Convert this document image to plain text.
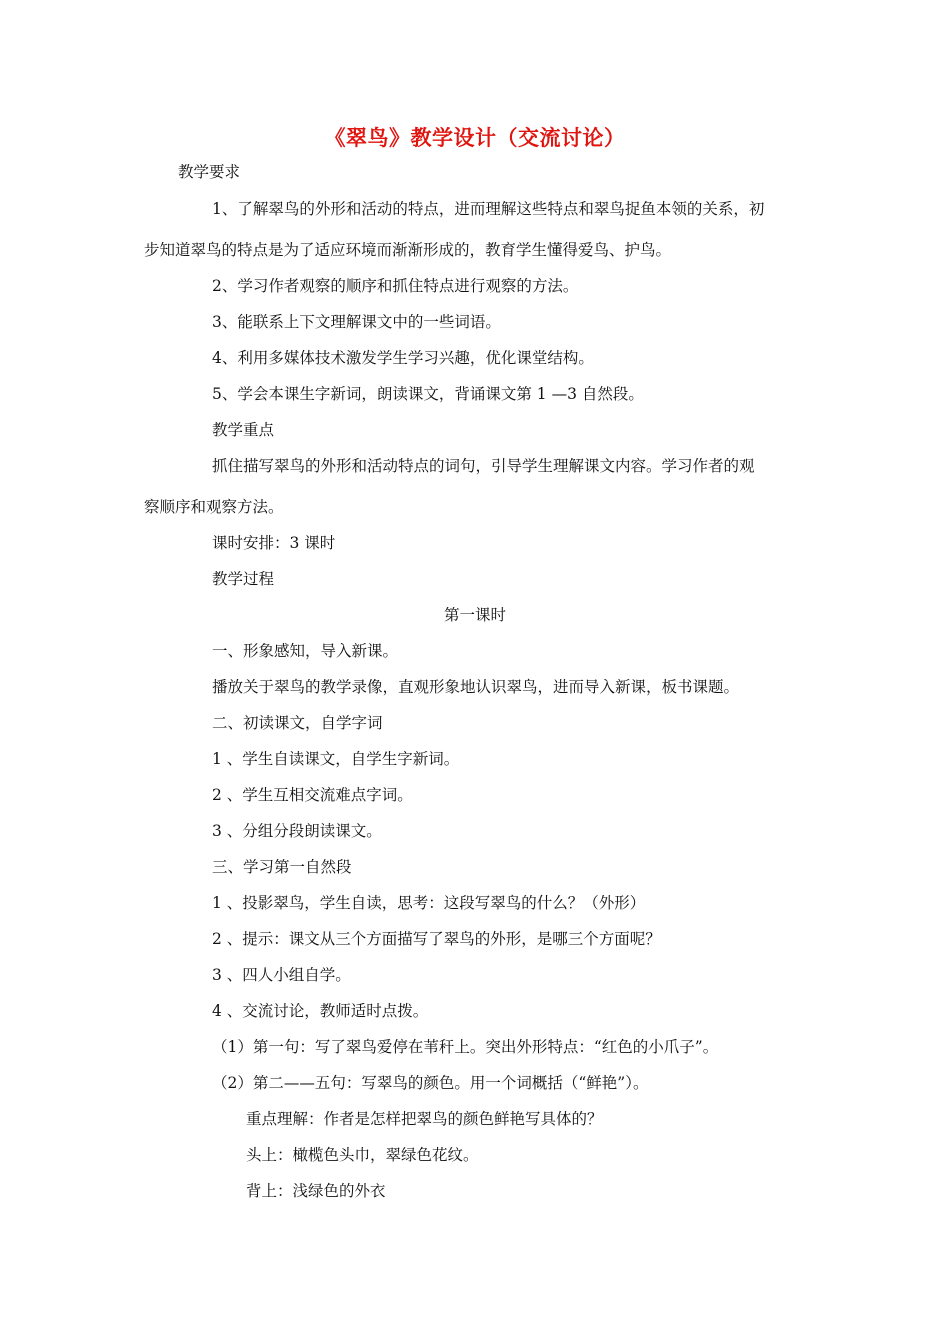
《翠鸟》教学设计（交流讨论）
教学要求
1、了解翠鸟的外形和活动的特点，进而理解这些特点和翠鸟捉鱼本领的关系，初
步知道翠鸟的特点是为了适应环境而渐渐形成的，教育学生懂得爱鸟、护鸟。
2、学习作者观察的顺序和抓住特点进行观察的方法。
3、能联系上下文理解课文中的一些词语。
4、利用多媒体技术激发学生学习兴趣，优化课堂结构。
5、学会本课生字新词，朗读课文，背诵课文第 1 —3 自然段。
教学重点
抓住描写翠鸟的外形和活动特点的词句，引导学生理解课文内容。学习作者的观
察顺序和观察方法。
课时安排：3 课时
教学过程
第一课时
一、形象感知，导入新课。
播放关于翠鸟的教学录像，直观形象地认识翠鸟，进而导入新课，板书课题。
二、初读课文，自学字词
1 、学生自读课文，自学生字新词。
2 、学生互相交流难点字词。
3 、分组分段朗读课文。
三、学习第一自然段
1 、投影翠鸟，学生自读，思考：这段写翠鸟的什么？（外形）
2 、提示：课文从三个方面描写了翠鸟的外形，是哪三个方面呢？
3 、四人小组自学。
4 、交流讨论，教师适时点拨。
（1）第一句：写了翠鸟爱停在苇秆上。突出外形特点：“红色的小爪子”。
（2）第二——五句：写翠鸟的颜色。用一个词概括（“鲜艳”）。
重点理解：作者是怎样把翠鸟的颜色鲜艳写具体的？
头上：橄榄色头巾，翠绿色花纹。
背上：浅绿色的外衣
